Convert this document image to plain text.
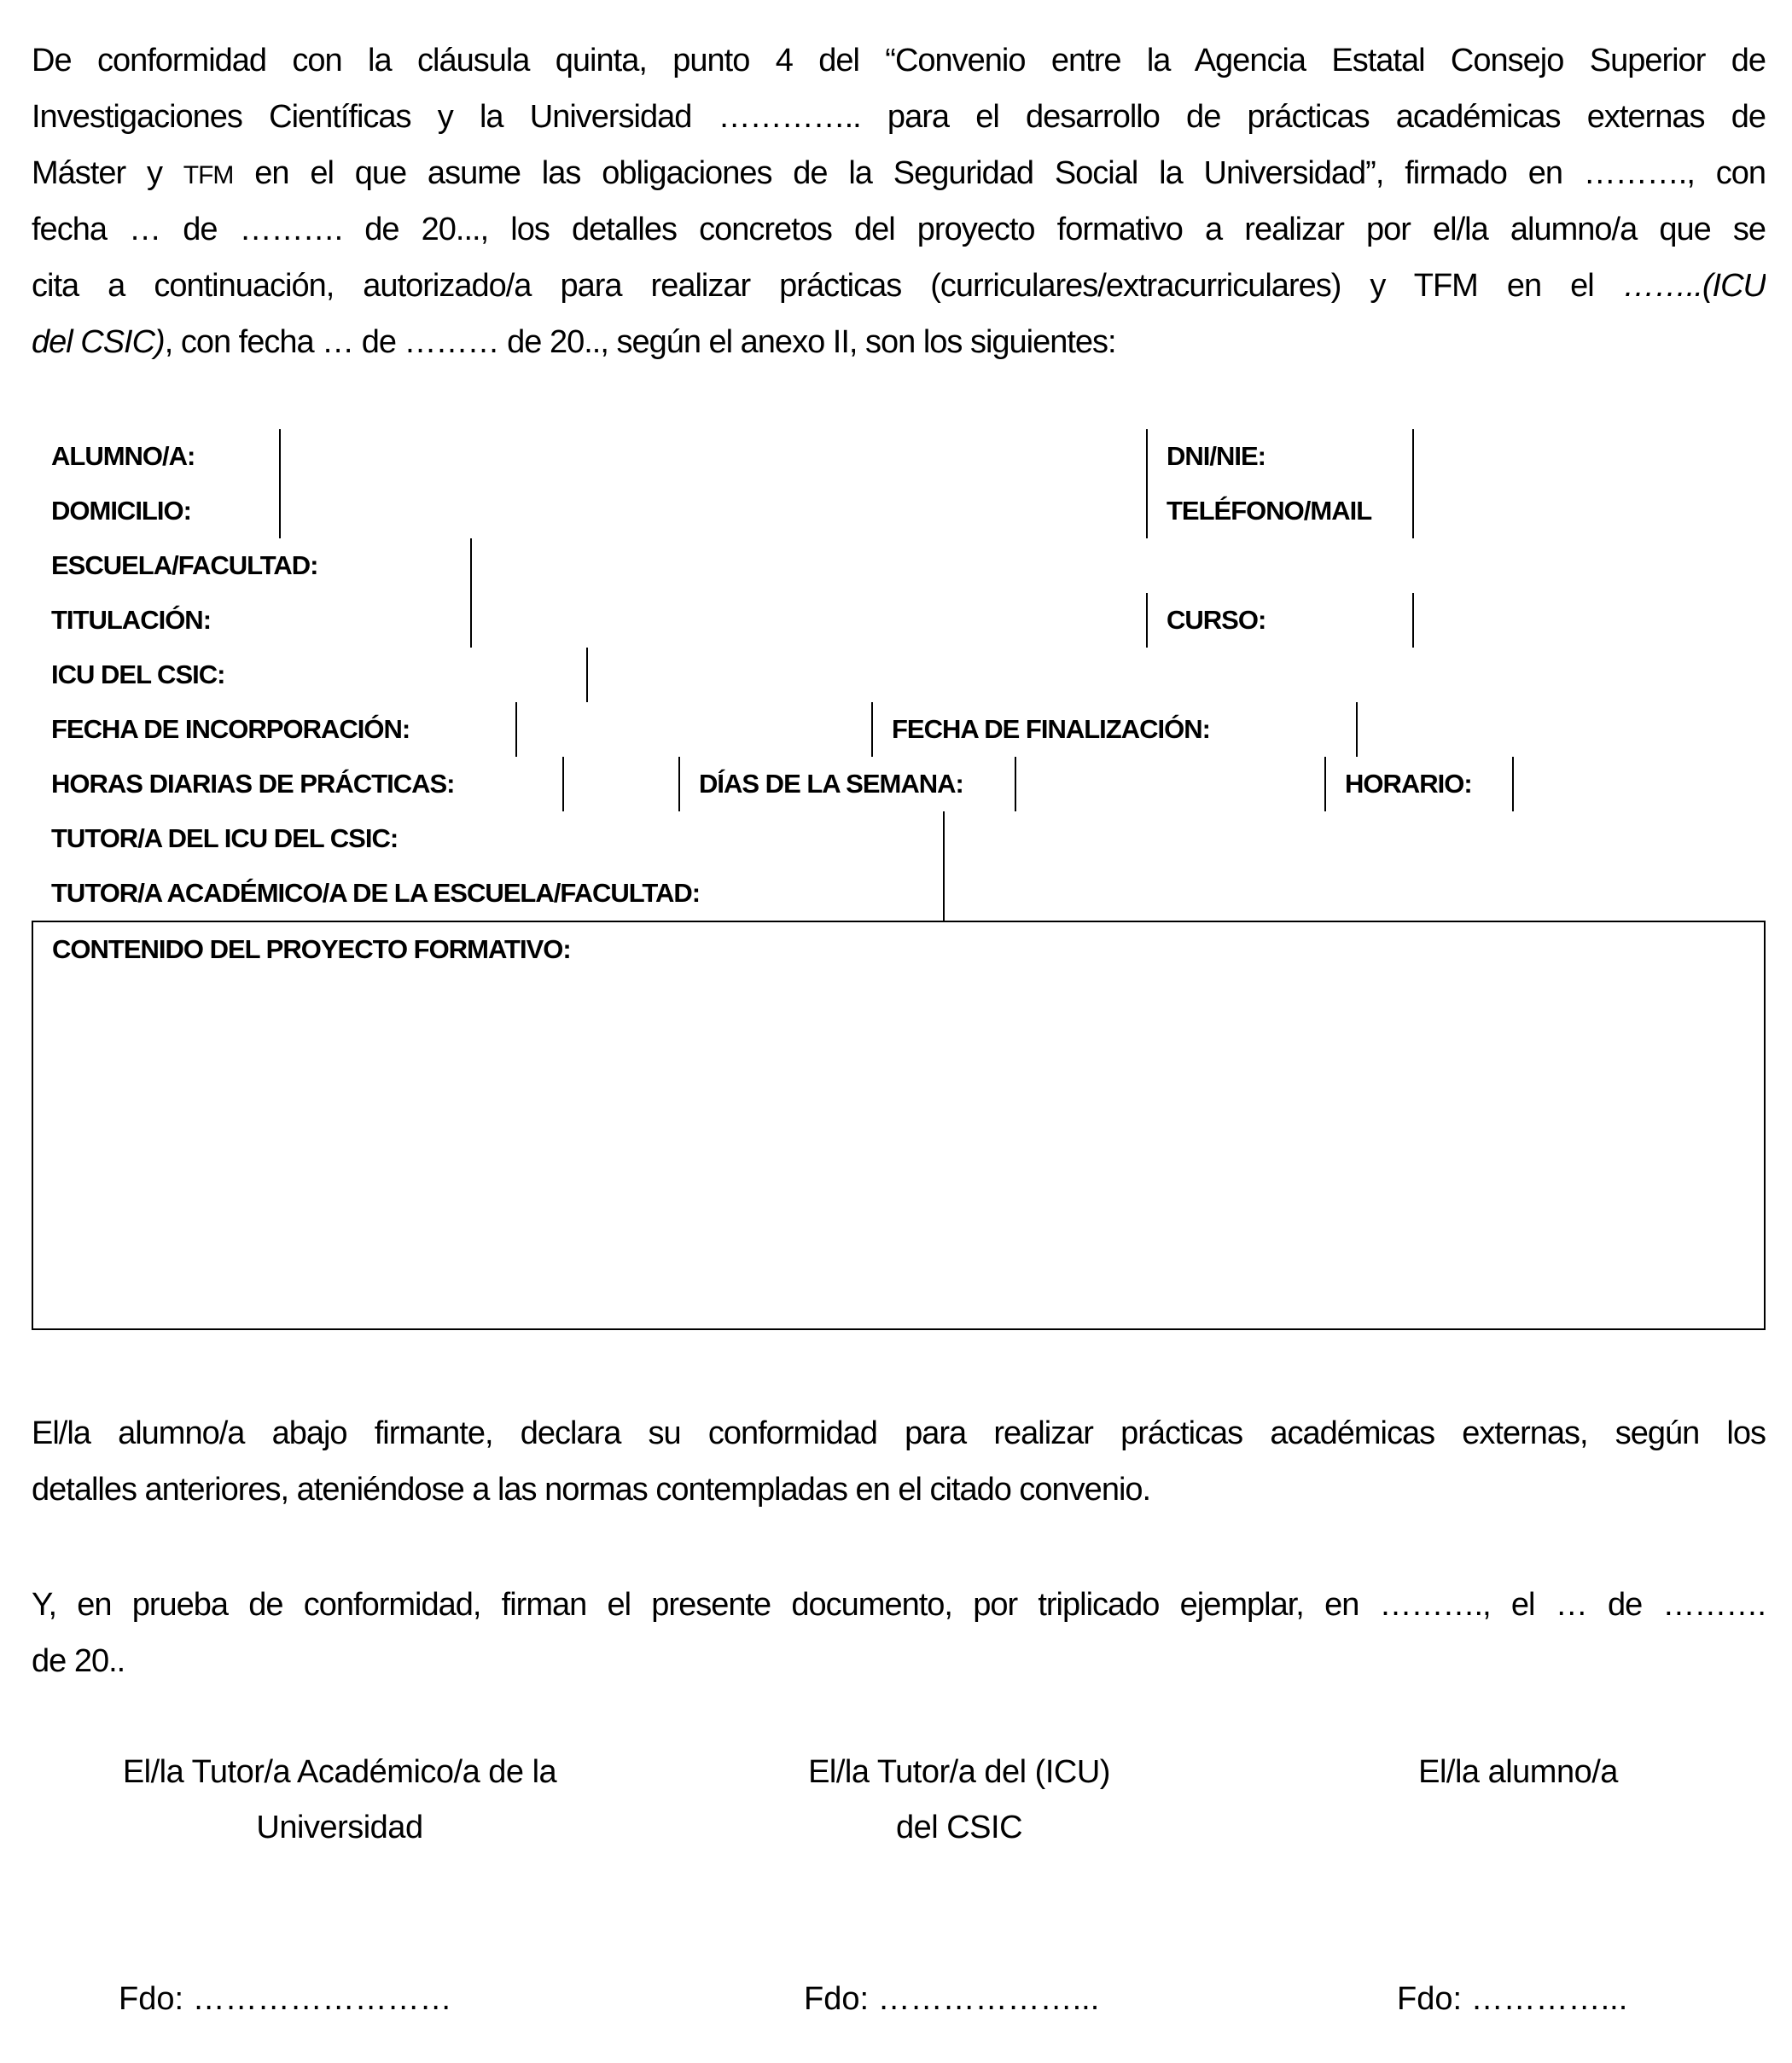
De conformidad con la cláusula quinta, punto 4 del “Convenio entre la Agencia Estatal Consejo Superior de
Investigaciones Científicas y la Universidad ………….. para el desarrollo de prácticas académicas externas de
Máster y TFM en el que asume las obligaciones de la Seguridad Social la Universidad”, firmado en ………., con
fecha … de ………. de 20..., los detalles concretos del proyecto formativo a realizar por el/la alumno/a que se
cita a continuación, autorizado/a para realizar prácticas (curriculares/extracurriculares) y TFM en el ……..(ICU
del CSIC), con fecha … de ……… de 20.., según el anexo II, son los siguientes:
ALUMNO/A:		DNI/NIE:	

DOMICILIO:		TELÉFONO/MAIL	

ESCUELA/FACULTAD:	

TITULACIÓN:		CURSO:	

ICU DEL CSIC:	

FECHA DE INCORPORACIÓN:		FECHA DE FINALIZACIÓN:	

HORAS DIARIAS DE PRÁCTICAS:		DÍAS DE LA SEMANA:		HORARIO:	

TUTOR/A DEL ICU DEL CSIC:	

TUTOR/A ACADÉMICO/A DE LA ESCUELA/FACULTAD:	

CONTENIDO DEL PROYECTO FORMATIVO:
El/la alumno/a abajo firmante, declara su conformidad para realizar prácticas académicas externas, según los
detalles anteriores, ateniéndose a las normas contempladas en el citado convenio.
Y, en prueba de conformidad, firman el presente documento, por triplicado ejemplar, en ………., el … de ……….
de 20..
El/la Tutor/a Académico/a de la
Universidad
El/la Tutor/a del (ICU)
del CSIC
El/la alumno/a
Fdo: ……………………	Fdo: ………………...	Fdo: …………...
